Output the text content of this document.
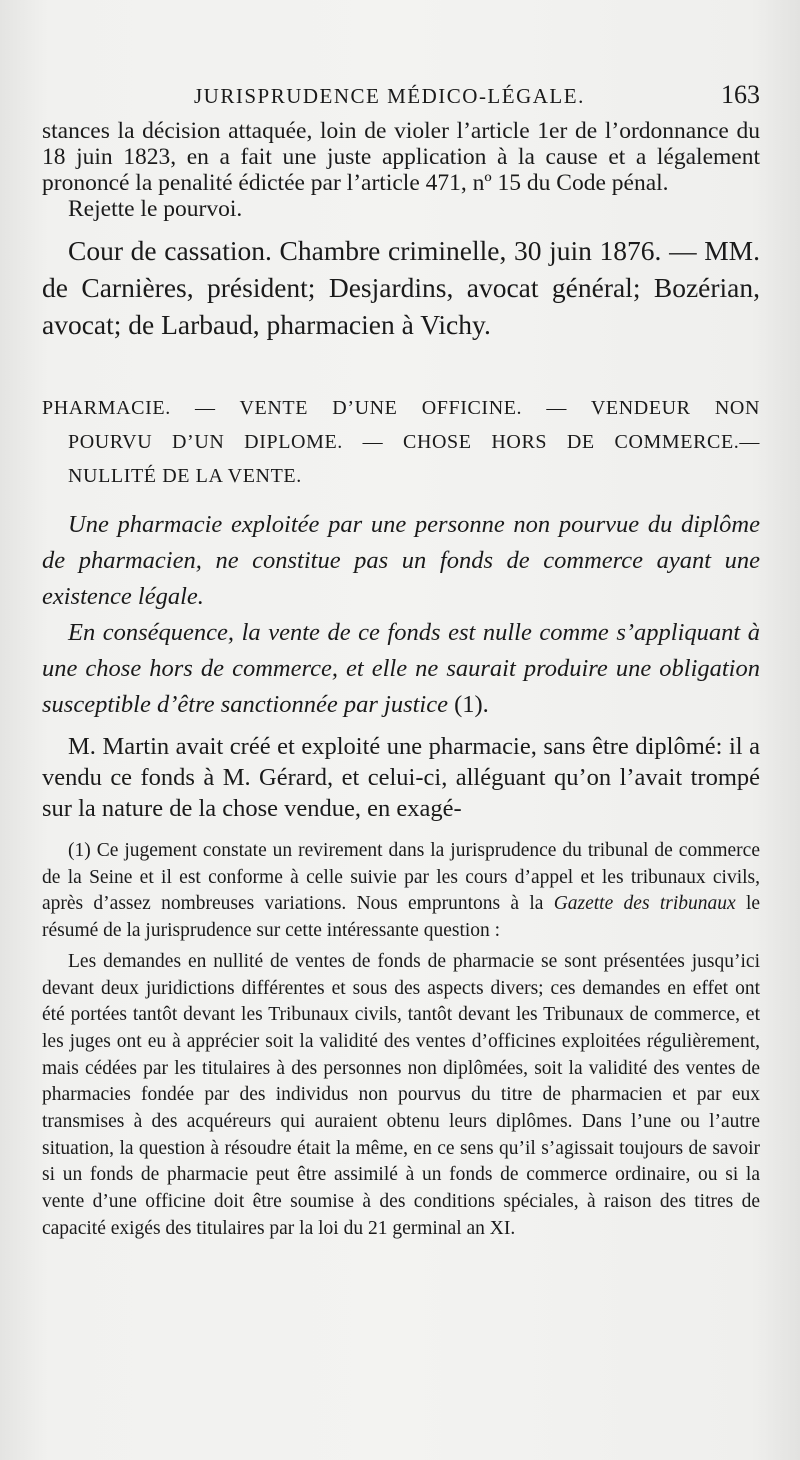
JURISPRUDENCE MÉDICO-LÉGALE.	163

stances la décision attaquée, loin de violer l’article 1er de l’ordonnance du 18 juin 1823, en a fait une juste application à la cause et a légalement prononcé la penalité édictée par l’article 471, nº 15 du Code pénal.

Rejette le pourvoi.

Cour de cassation. Chambre criminelle, 30 juin 1876. — MM. de Carnières, président; Desjardins, avocat général; Bozérian, avocat; de Larbaud, pharmacien à Vichy.

PHARMACIE. — VENTE D’UNE OFFICINE. — VENDEUR NON
POURVU D’UN DIPLOME. — CHOSE HORS DE COMMERCE.—
NULLITÉ DE LA VENTE.

Une pharmacie exploitée par une personne non pourvue du diplôme de pharmacien, ne constitue pas un fonds de commerce ayant une existence légale.

En conséquence, la vente de ce fonds est nulle comme s’appliquant à une chose hors de commerce, et elle ne saurait produire une obligation susceptible d’être sanctionnée par justice (1).

M. Martin avait créé et exploité une pharmacie, sans être diplômé: il a vendu ce fonds à M. Gérard, et celui-ci, alléguant qu’on l’avait trompé sur la nature de la chose vendue, en exagé-

(1) Ce jugement constate un revirement dans la jurisprudence du tribunal de commerce de la Seine et il est conforme à celle suivie par les cours d’appel et les tribunaux civils, après d’assez nombreuses variations. Nous empruntons à la Gazette des tribunaux le résumé de la jurisprudence sur cette intéressante question :

Les demandes en nullité de ventes de fonds de pharmacie se sont présentées jusqu’ici devant deux juridictions différentes et sous des aspects divers; ces demandes en effet ont été portées tantôt devant les Tribunaux civils, tantôt devant les Tribunaux de commerce, et les juges ont eu à apprécier soit la validité des ventes d’officines exploitées régulièrement, mais cédées par les titulaires à des personnes non diplômées, soit la validité des ventes de pharmacies fondée par des individus non pourvus du titre de pharmacien et par eux transmises à des acquéreurs qui auraient obtenu leurs diplômes. Dans l’une ou l’autre situation, la question à résoudre était la même, en ce sens qu’il s’agissait toujours de savoir si un fonds de pharmacie peut être assimilé à un fonds de commerce ordinaire, ou si la vente d’une officine doit être soumise à des conditions spéciales, à raison des titres de capacité exigés des titulaires par la loi du 21 germinal an XI.
